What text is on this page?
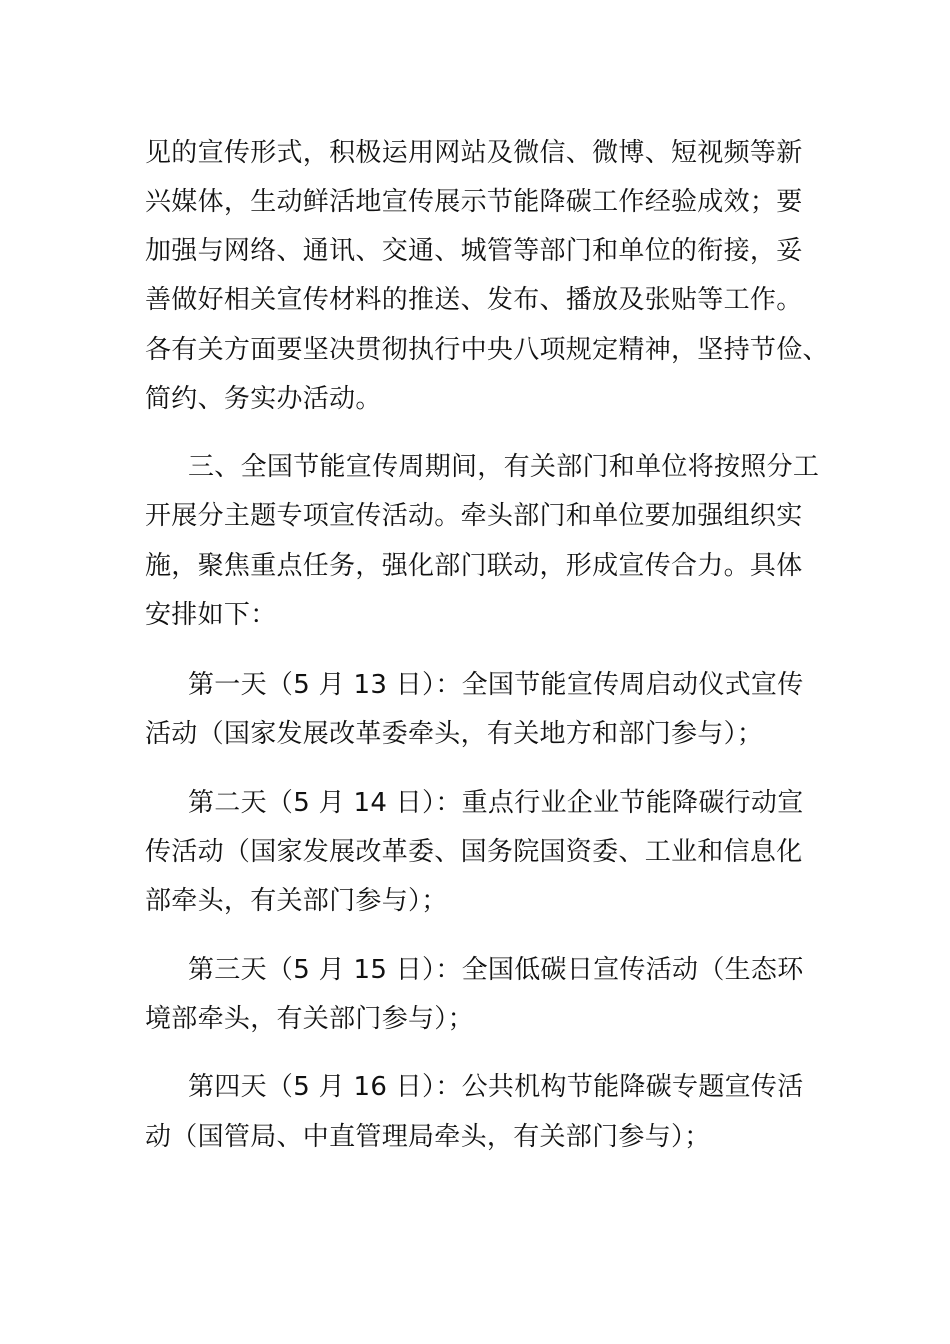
见的宣传形式，积极运用网站及微信、微博、短视频等新
兴媒体，生动鲜活地宣传展示节能降碳工作经验成效；要
加强与网络、通讯、交通、城管等部门和单位的衔接，妥
善做好相关宣传材料的推送、发布、播放及张贴等工作。
各有关方面要坚决贯彻执行中央八项规定精神，坚持节俭、
简约、务实办活动。
三、全国节能宣传周期间，有关部门和单位将按照分工
开展分主题专项宣传活动。牵头部门和单位要加强组织实
施，聚焦重点任务，强化部门联动，形成宣传合力。具体
安排如下：
第一天（5 月 13 日）：全国节能宣传周启动仪式宣传
活动（国家发展改革委牵头，有关地方和部门参与）；
第二天（5 月 14 日）：重点行业企业节能降碳行动宣
传活动（国家发展改革委、国务院国资委、工业和信息化
部牵头，有关部门参与）；
第三天（5 月 15 日）：全国低碳日宣传活动（生态环
境部牵头，有关部门参与）；
第四天（5 月 16 日）：公共机构节能降碳专题宣传活
动（国管局、中直管理局牵头，有关部门参与）；
